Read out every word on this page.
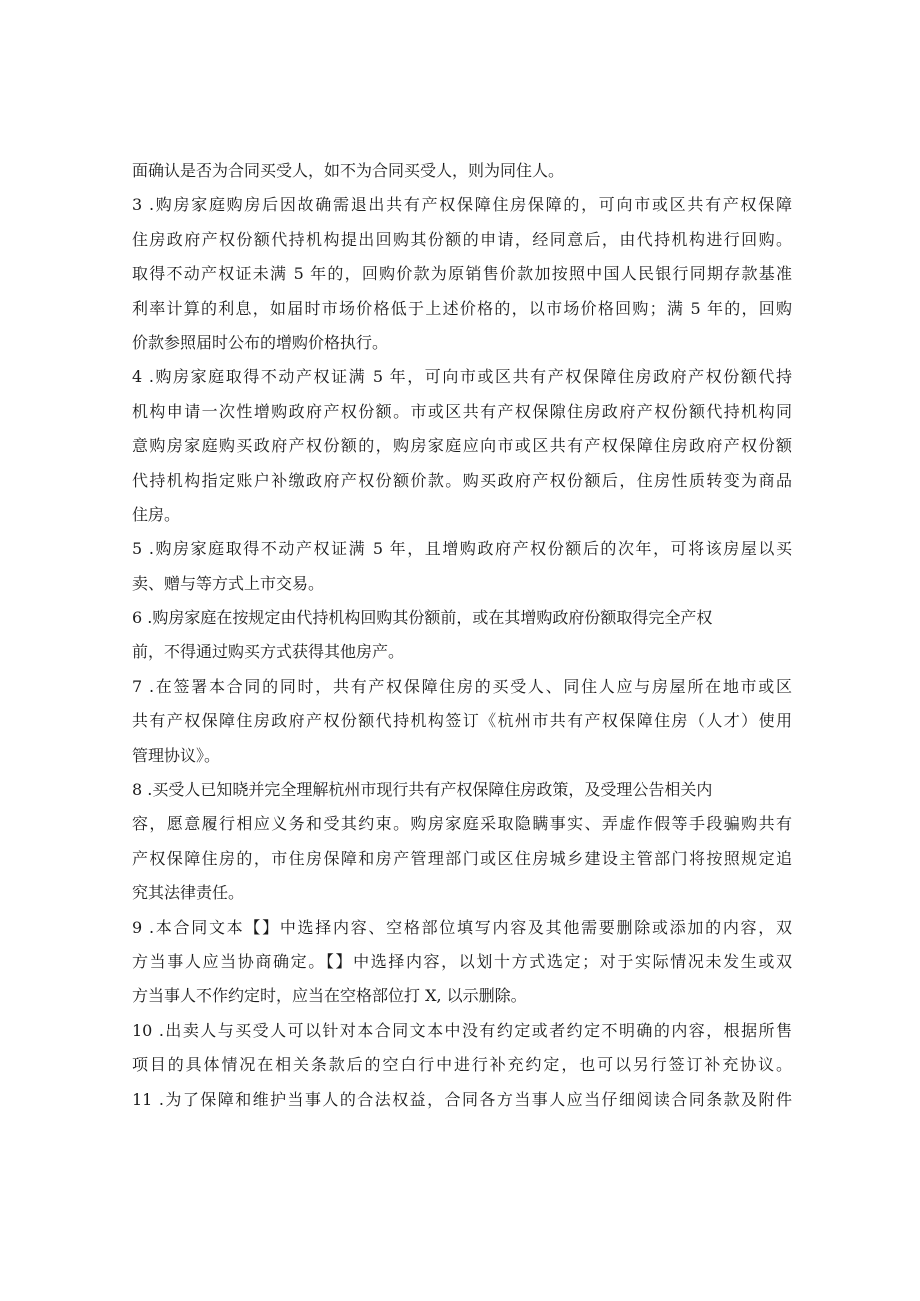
面确认是否为合同买受人，如不为合同买受人，则为同住人。
3 .购房家庭购房后因故确需退出共有产权保障住房保障的，可向市或区共有产权保障
住房政府产权份额代持机构提出回购其份额的申请，经同意后，由代持机构进行回购。
取得不动产权证未满 5 年的，回购价款为原销售价款加按照中国人民银行同期存款基准
利率计算的利息，如届时市场价格低于上述价格的，以市场价格回购；满 5 年的，回购
价款参照届时公布的增购价格执行。
4 .购房家庭取得不动产权证满 5 年，可向市或区共有产权保障住房政府产权份额代持
机构申请一次性增购政府产权份额。市或区共有产权保隙住房政府产权份额代持机构同
意购房家庭购买政府产权份额的，购房家庭应向市或区共有产权保障住房政府产权份额
代持机构指定账户补缴政府产权份额价款。购买政府产权份额后，住房性质转变为商品
住房。
5 .购房家庭取得不动产权证满 5 年，且增购政府产权份额后的次年，可将该房屋以买
卖、赠与等方式上市交易。
6 .购房家庭在按规定由代持机构回购其份额前，或在其增购政府份额取得完全产权
前，不得通过购买方式获得其他房产。
7 .在签署本合同的同时，共有产权保障住房的买受人、同住人应与房屋所在地市或区
共有产权保障住房政府产权份额代持机构签订《杭州市共有产权保障住房（人才）使用
管理协议》。
8 .买受人已知晓并完全理解杭州市现行共有产权保障住房政策，及受理公告相关内
容，愿意履行相应义务和受其约束。购房家庭采取隐瞒事实、弄虚作假等手段骗购共有
产权保障住房的，市住房保障和房产管理部门或区住房城乡建设主管部门将按照规定追
究其法律责任。
9 .本合同文本【】中选择内容、空格部位填写内容及其他需要删除或添加的内容，双
方当事人应当协商确定。【】中选择内容，以划十方式选定；对于实际情况未发生或双
方当事人不作约定时，应当在空格部位打 X, 以示删除。
10 .出卖人与买受人可以针对本合同文本中没有约定或者约定不明确的内容，根据所售
项目的具体情况在相关条款后的空白行中进行补充约定，也可以另行签订补充协议。
11 .为了保障和维护当事人的合法权益，合同各方当事人应当仔细阅读合同条款及附件
